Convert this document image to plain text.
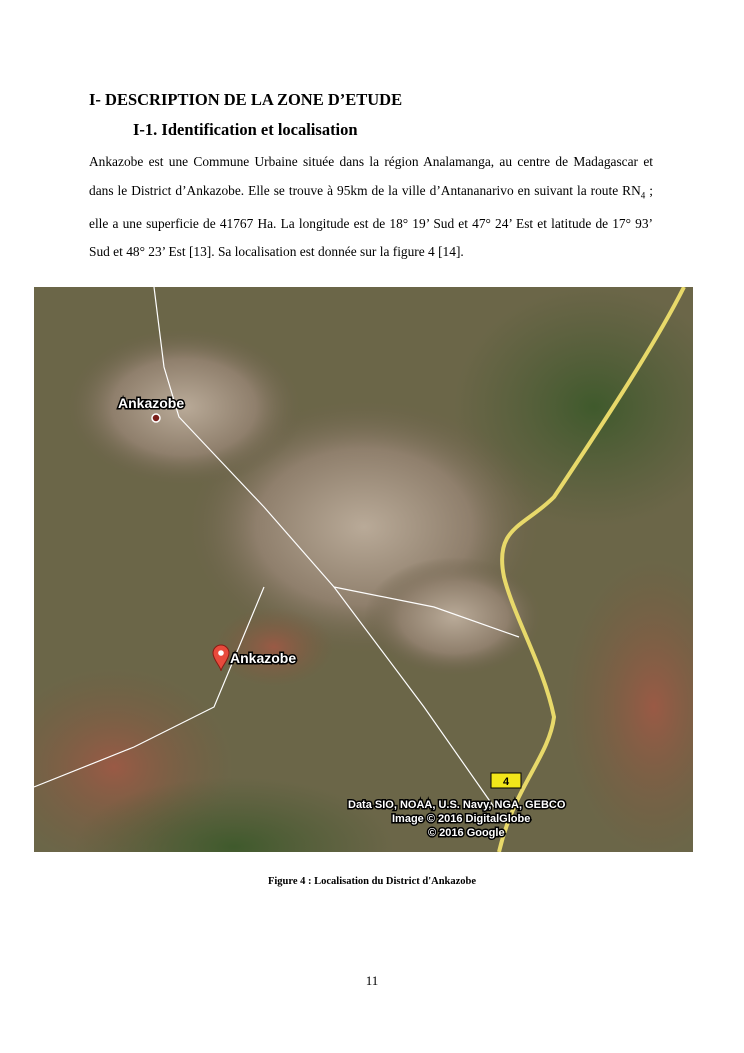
I- DESCRIPTION DE LA ZONE D’ETUDE
I-1. Identification et localisation
Ankazobe est une Commune Urbaine située dans la région Analamanga, au centre de Madagascar et dans le District d’Ankazobe. Elle se trouve à 95km de la ville d’Antananarivo en suivant la route $RN_4$ ; elle a une superficie de 41767 Ha. La longitude est de 18° 19’ Sud et 47° 24’ Est et latitude de 17° 93’ Sud et 48° 23’ Est [13]. Sa localisation est donnée sur la figure 4 [14].
Ankazobe
Ankazobe
4
Data SIO, NOAA, U.S. Navy, NGA, GEBCO
Image © 2016 DigitalGlobe
© 2016 Google
Figure 4 : Localisation du District d'Ankazobe
11
